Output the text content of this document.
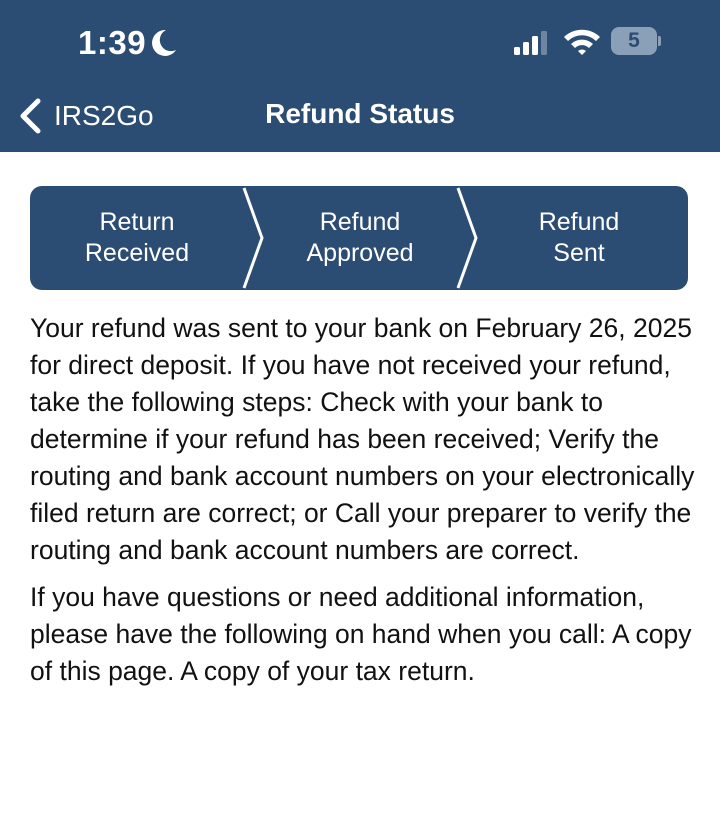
1:39	5
IRS2Go	Refund Status
Return
Received
Refund
Approved
Refund
Sent

Your refund was sent to your bank on February 26, 2025 for direct deposit. If you have not received your refund, take the following steps: Check with your bank to determine if your refund has been received; Verify the routing and bank account numbers on your electronically filed return are correct; or Call your preparer to verify the routing and bank account numbers are correct.

If you have questions or need additional information, please have the following on hand when you call: A copy of this page. A copy of your tax return.
